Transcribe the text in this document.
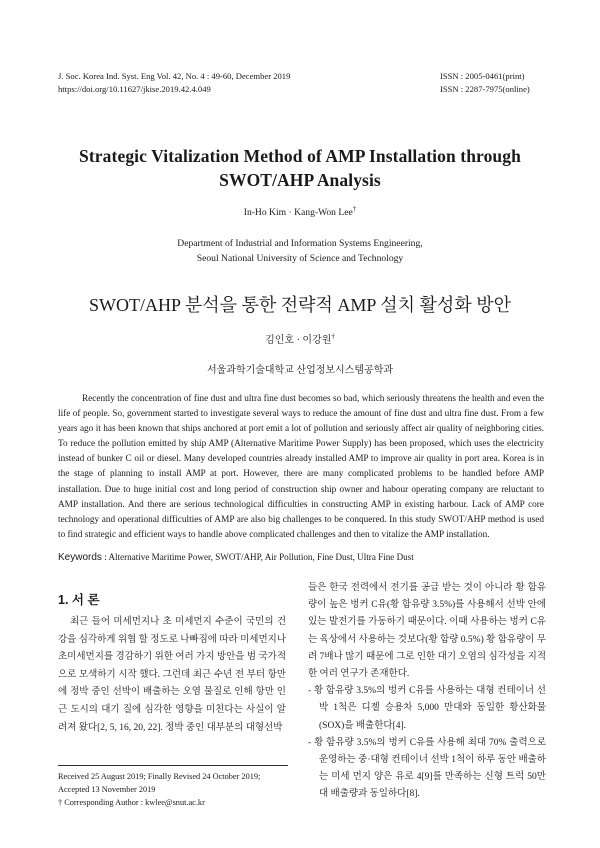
J. Soc. Korea Ind. Syst. Eng Vol. 42, No. 4 : 49-60, December 2019
https://doi.org/10.11627/jkise.2019.42.4.049
ISSN : 2005-0461(print)
ISSN : 2287-7975(online)
Strategic Vitalization Method of AMP Installation through
SWOT/AHP Analysis
In-Ho Kim · Kang-Won Lee†
Department of Industrial and Information Systems Engineering,
Seoul National University of Science and Technology
SWOT/AHP 분석을 통한 전략적 AMP 설치 활성화 방안
김인호 · 이강원†
서울과학기술대학교 산업정보시스템공학과
Recently the concentration of fine dust and ultra fine dust becomes so bad, which seriously threatens the health and even the life of people. So, government started to investigate several ways to reduce the amount of fine dust and ultra fine dust. From a few years ago it has been known that ships anchored at port emit a lot of pollution and seriously affect air quality of neighboring cities. To reduce the pollution emitted by ship AMP (Alternative Maritime Power Supply) has been proposed, which uses the electricity instead of bunker C oil or diesel. Many developed countries already installed AMP to improve air quality in port area. Korea is in the stage of planning to install AMP at port. However, there are many complicated problems to be handled before AMP installation. Due to huge initial cost and long period of construction ship owner and habour operating company are reluctant to AMP installation. And there are serious technological difficulties in constructing AMP in existing harbour. Lack of AMP core technology and operational difficulties of AMP are also big challenges to be conquered. In this study SWOT/AHP method is used to find strategic and efficient ways to handle above complicated challenges and then to vitalize the AMP installation.
Keywords : Alternative Maritime Power, SWOT/AHP, Air Pollution, Fine Dust, Ultra Fine Dust
1. 서 론
최근 들어 미세먼지나 초 미세먼지 수준이 국민의 건강을 심각하게 위협 할 정도로 나빠짐에 따라 미세먼지나 초미세먼지를 경감하기 위한 여러 가지 방안을 범 국가적으로 모색하기 시작 했다. 그런데 최근 수년 전 부터 항만에 정박 중인 선박이 배출하는 오염 물질로 인해 항만 인근 도시의 대기 질에 심각한 영향을 미친다는 사실이 알려져 왔다[2, 5, 16, 20, 22]. 정박 중인 대부분의 대형선박

들은 한국 전력에서 전기를 공급 받는 것이 아니라 황 함유량이 높은 벙커 C유(황 함유량 3.5%)를 사용해서 선박 안에 있는 발전기를 가동하기 때문이다. 이때 사용하는 벙커 C유는 육상에서 사용하는 것보다(황 함량 0.5%) 황 함유량이 무려 7배나 많기 때문에 그로 인한 대기 오염의 심각성을 지적한 여러 연구가 존재한다.

- 황 함유량 3.5%의 벙커 C유를 사용하는 대형 컨테이너 선박 1척은 디젤 승용차 5,000 만대와 동일한 황산화물(SOX)을 배출한다[4].

- 황 함유량 3.5%의 벙커 C유를 사용해 최대 70% 출력으로 운영하는 중·대형 컨테이너 선박 1척이 하루 동안 배출하는 미세 먼지 양은 유로 4[9]를 만족하는 신형 트럭 50만대 배출량과 동일하다[8].

Received 25 August 2019; Finally Revised 24 October 2019;
Accepted 13 November 2019
† Corresponding Author : kwlee@snut.ac.kr
